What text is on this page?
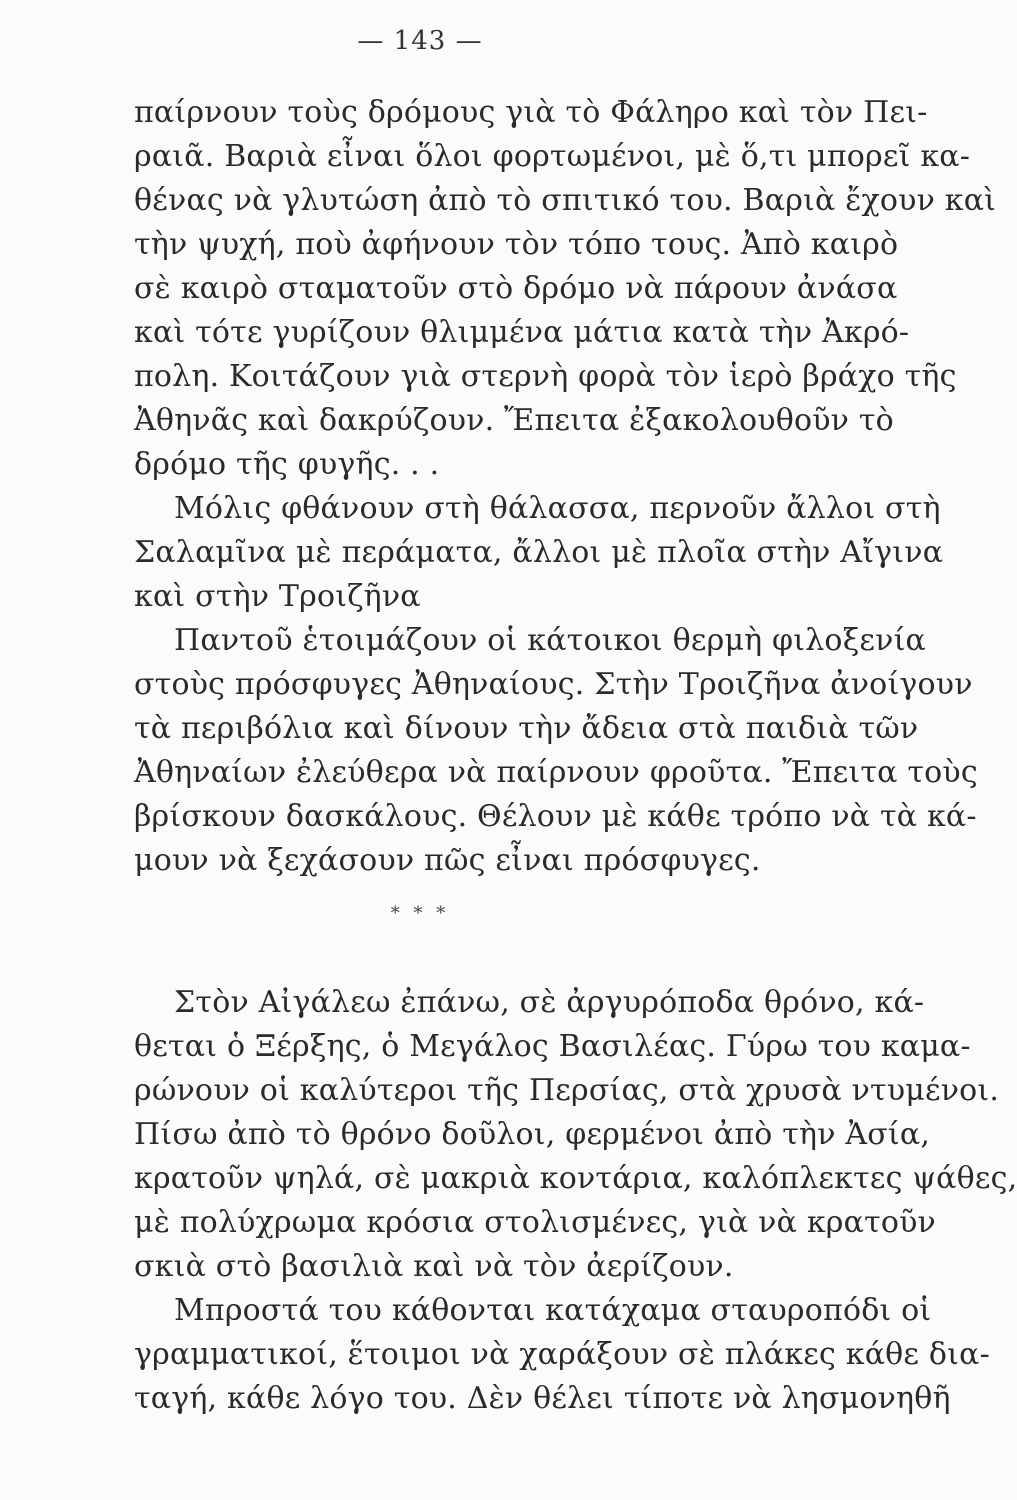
— 143 —
παίρνουν τοὺς δρόμους γιὰ τὸ Φάληρο καὶ τὸν Πει-
ραιᾶ. Βαριὰ εἶναι ὅλοι φορτωμένοι, μὲ ὅ,τι μπορεῖ κα-
θένας νὰ γλυτώση ἀπὸ τὸ σπιτικό του. Βαριὰ ἔχουν καὶ
τὴν ψυχή, ποὺ ἀφήνουν τὸν τόπο τους. Ἀπὸ καιρὸ
σὲ καιρὸ σταματοῦν στὸ δρόμο νὰ πάρουν ἀνάσα
καὶ τότε γυρίζουν θλιμμένα μάτια κατὰ τὴν Ἀκρό-
πολη. Κοιτάζουν γιὰ στερνὴ φορὰ τὸν ἱερὸ βράχο τῆς
Ἀθηνᾶς καὶ δακρύζουν. Ἔπειτα ἐξακολουθοῦν τὸ
δρόμο τῆς φυγῆς. . .
Μόλις φθάνουν στὴ θάλασσα, περνοῦν ἄλλοι στὴ
Σαλαμῖνα μὲ περάματα, ἄλλοι μὲ πλοῖα στὴν Αἴγινα
καὶ στὴν Τροιζῆνα
Παντοῦ ἑτοιμάζουν οἱ κάτοικοι θερμὴ φιλοξενία
στοὺς πρόσφυγες Ἀθηναίους. Στὴν Τροιζῆνα ἀνοίγουν
τὰ περιβόλια καὶ δίνουν τὴν ἄδεια στὰ παιδιὰ τῶν
Ἀθηναίων ἐλεύθερα νὰ παίρνουν φροῦτα. Ἔπειτα τοὺς
βρίσκουν δασκάλους. Θέλουν μὲ κάθε τρόπο νὰ τὰ κά-
μουν νὰ ξεχάσουν πῶς εἶναι πρόσφυγες.
* * *
Στὸν Αἰγάλεω ἐπάνω, σὲ ἀργυρόποδα θρόνο, κά-
θεται ὁ Ξέρξης, ὁ Μεγάλος Βασιλέας. Γύρω του καμα-
ρώνουν οἱ καλύτεροι τῆς Περσίας, στὰ χρυσὰ ντυμένοι.
Πίσω ἀπὸ τὸ θρόνο δοῦλοι, φερμένοι ἀπὸ τὴν Ἀσία,
κρατοῦν ψηλά, σὲ μακριὰ κοντάρια, καλόπλεκτες ψάθες,
μὲ πολύχρωμα κρόσια στολισμένες, γιὰ νὰ κρατοῦν
σκιὰ στὸ βασιλιὰ καὶ νὰ τὸν ἀερίζουν.
Μπροστά του κάθονται κατάχαμα σταυροπόδι οἱ
γραμματικοί, ἕτοιμοι νὰ χαράξουν σὲ πλάκες κάθε δια-
ταγή, κάθε λόγο του. Δὲν θέλει τίποτε νὰ λησμονηθῆ
